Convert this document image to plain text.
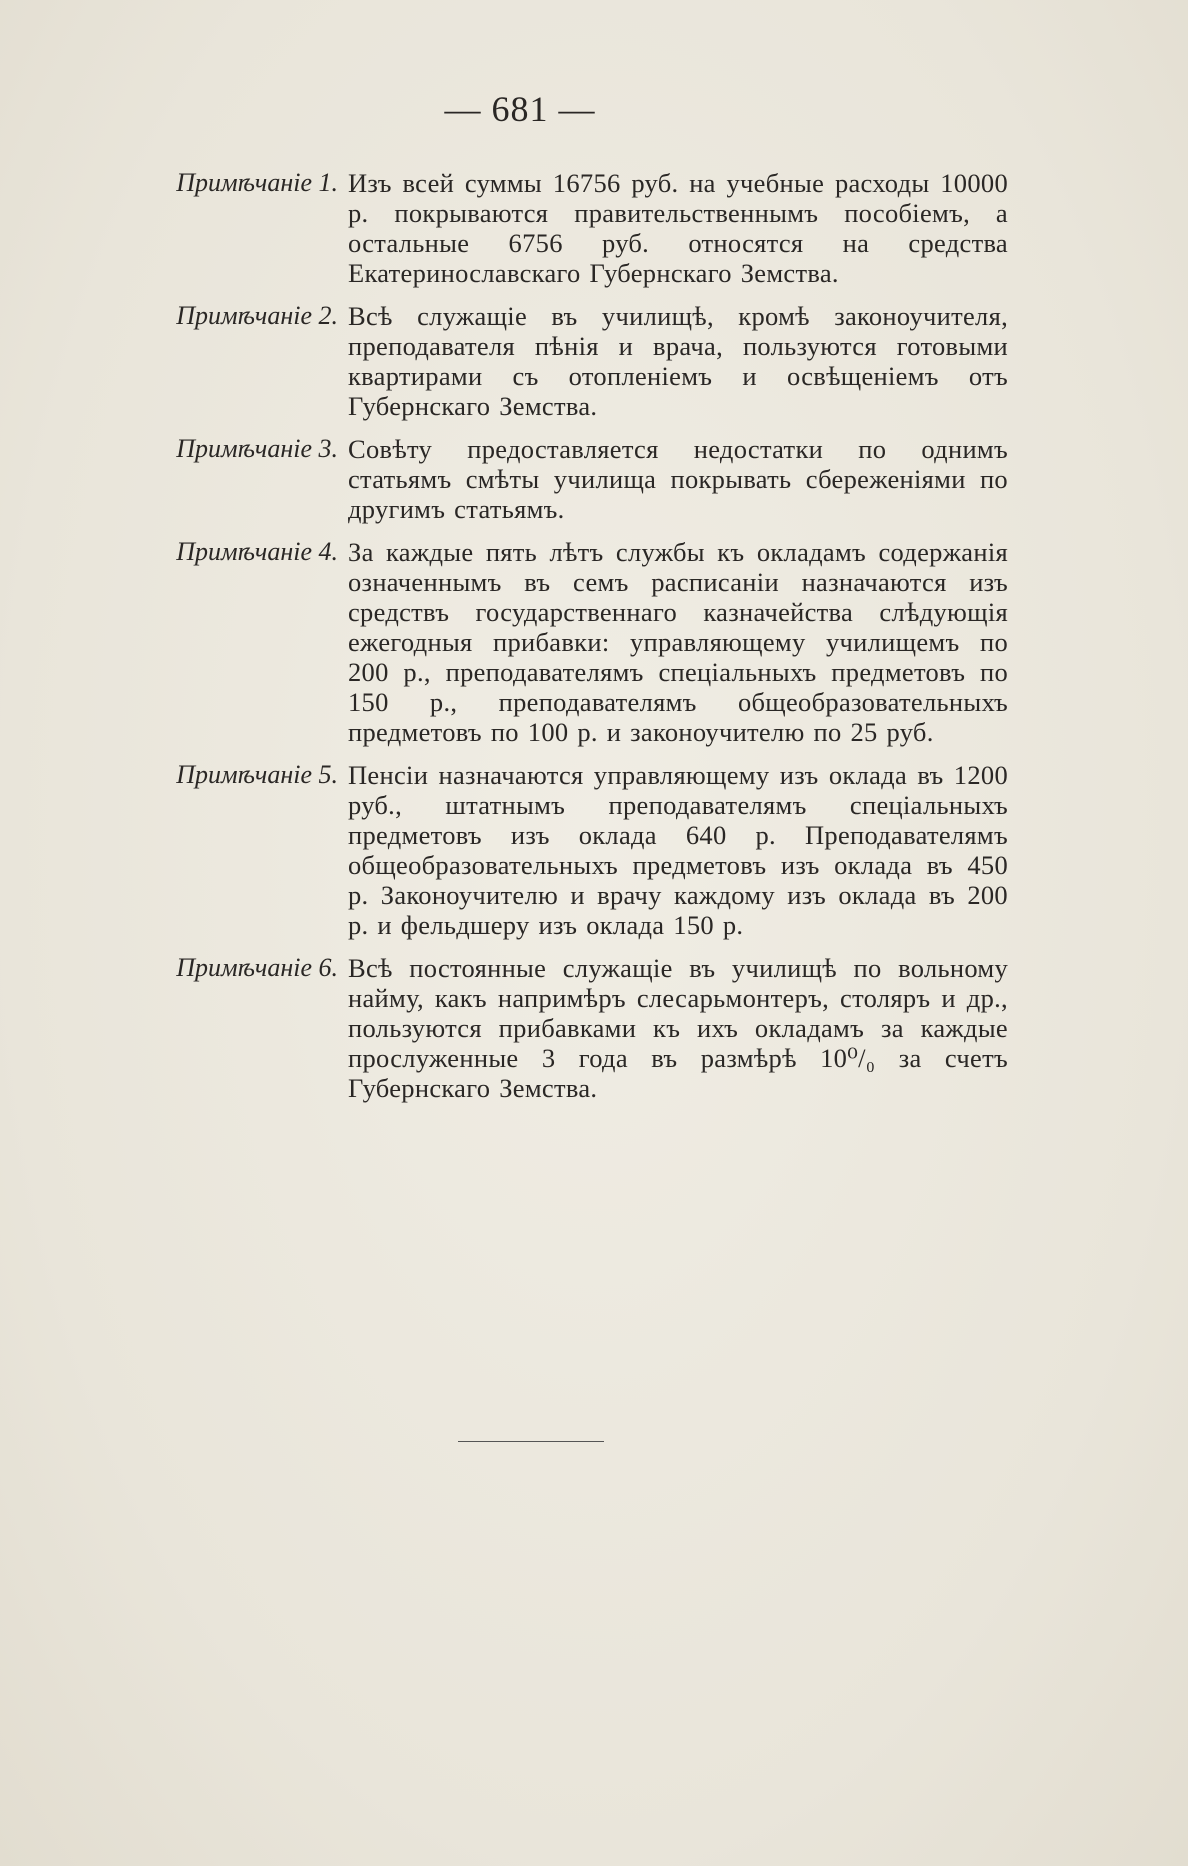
— 681 —
Примѣчаніе 1. Изъ всей суммы 16756 руб. на учебные расходы 10000 р. покрываются правительственнымъ пособіемъ, а остальные 6756 руб. относятся на средства Екатеринославскаго Губернскаго Земства.
Примѣчаніе 2. Всѣ служащіе въ училищѣ, кромѣ законоучителя, преподавателя пѣнія и врача, пользуются готовыми квартирами съ отопленіемъ и освѣщеніемъ отъ Губернскаго Земства.
Примѣчаніе 3. Совѣту предоставляется недостатки по однимъ статьямъ смѣты училища покрывать сбереженіями по другимъ статьямъ.
Примѣчаніе 4. За каждые пять лѣтъ службы къ окладамъ содержанія означеннымъ въ семъ расписаніи назначаются изъ средствъ государственнаго казначейства слѣдующія ежегодныя прибавки: управляющему училищемъ по 200 р., преподавателямъ спеціальныхъ предметовъ по 150 р., преподавателямъ общеобразовательныхъ предметовъ по 100 р. и законоучителю по 25 руб.
Примѣчаніе 5. Пенсіи назначаются управляющему изъ оклада въ 1200 руб., штатнымъ преподавателямъ спеціальныхъ предметовъ изъ оклада 640 р. Преподавателямъ общеобразовательныхъ предметовъ изъ оклада въ 450 р. Законоучителю и врачу каждому изъ оклада въ 200 р. и фельдшеру изъ оклада 150 р.
Примѣчаніе 6. Всѣ постоянные служащіе въ училищѣ по вольному найму, какъ напримѣръ слесарьмонтеръ, столяръ и др., пользуются прибавками къ ихъ окладамъ за каждые прослуженные 3 года въ размѣрѣ 10⁰/₀ за счетъ Губернскаго Земства.
